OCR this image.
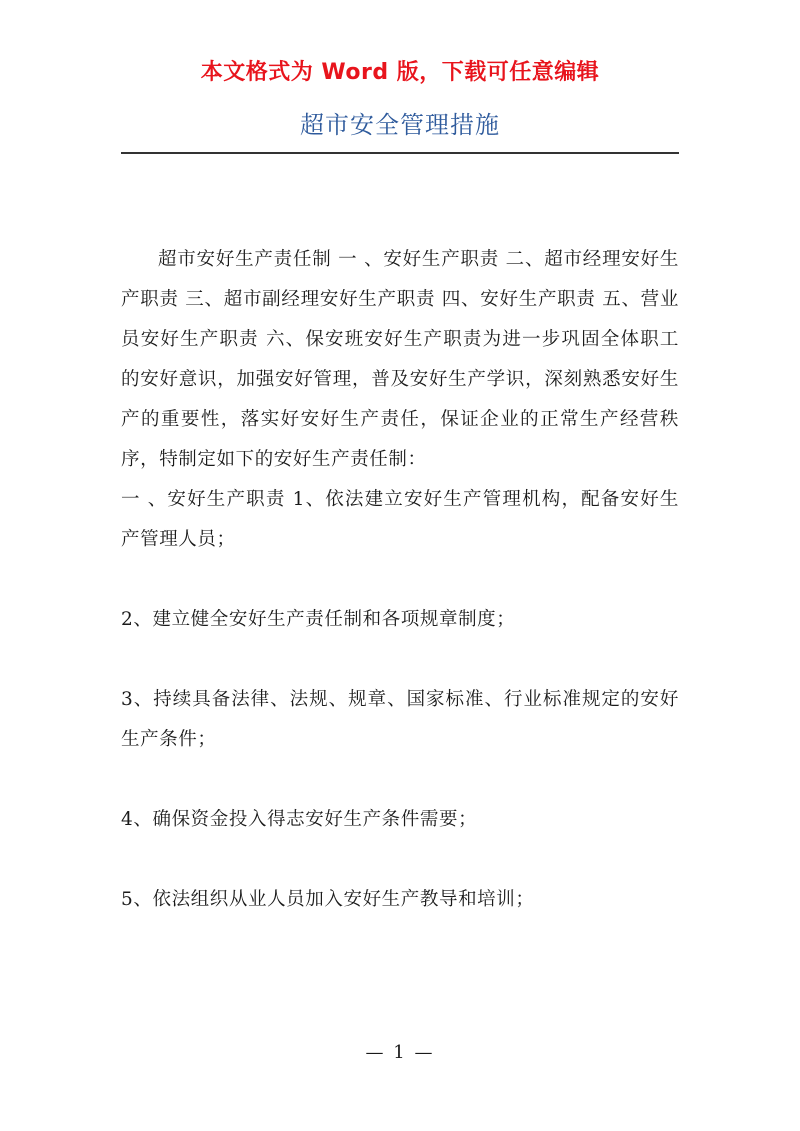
本文格式为 Word 版，下载可任意编辑
超市安全管理措施

超市安好生产责任制 一 、安好生产职责 二、超市经理安好生产职责 三、超市副经理安好生产职责 四、安好生产职责 五、营业员安好生产职责 六、保安班安好生产职责为进一步巩固全体职工的安好意识，加强安好管理，普及安好生产学识，深刻熟悉安好生产的重要性，落实好安好生产责任，保证企业的正常生产经营秩序，特制定如下的安好生产责任制：

一 、安好生产职责 1、依法建立安好生产管理机构，配备安好生产管理人员；

2、建立健全安好生产责任制和各项规章制度；

3、持续具备法律、法规、规章、国家标准、行业标准规定的安好生产条件；

4、确保资金投入得志安好生产条件需要；

5、依法组织从业人员加入安好生产教导和培训；

— 1 —
